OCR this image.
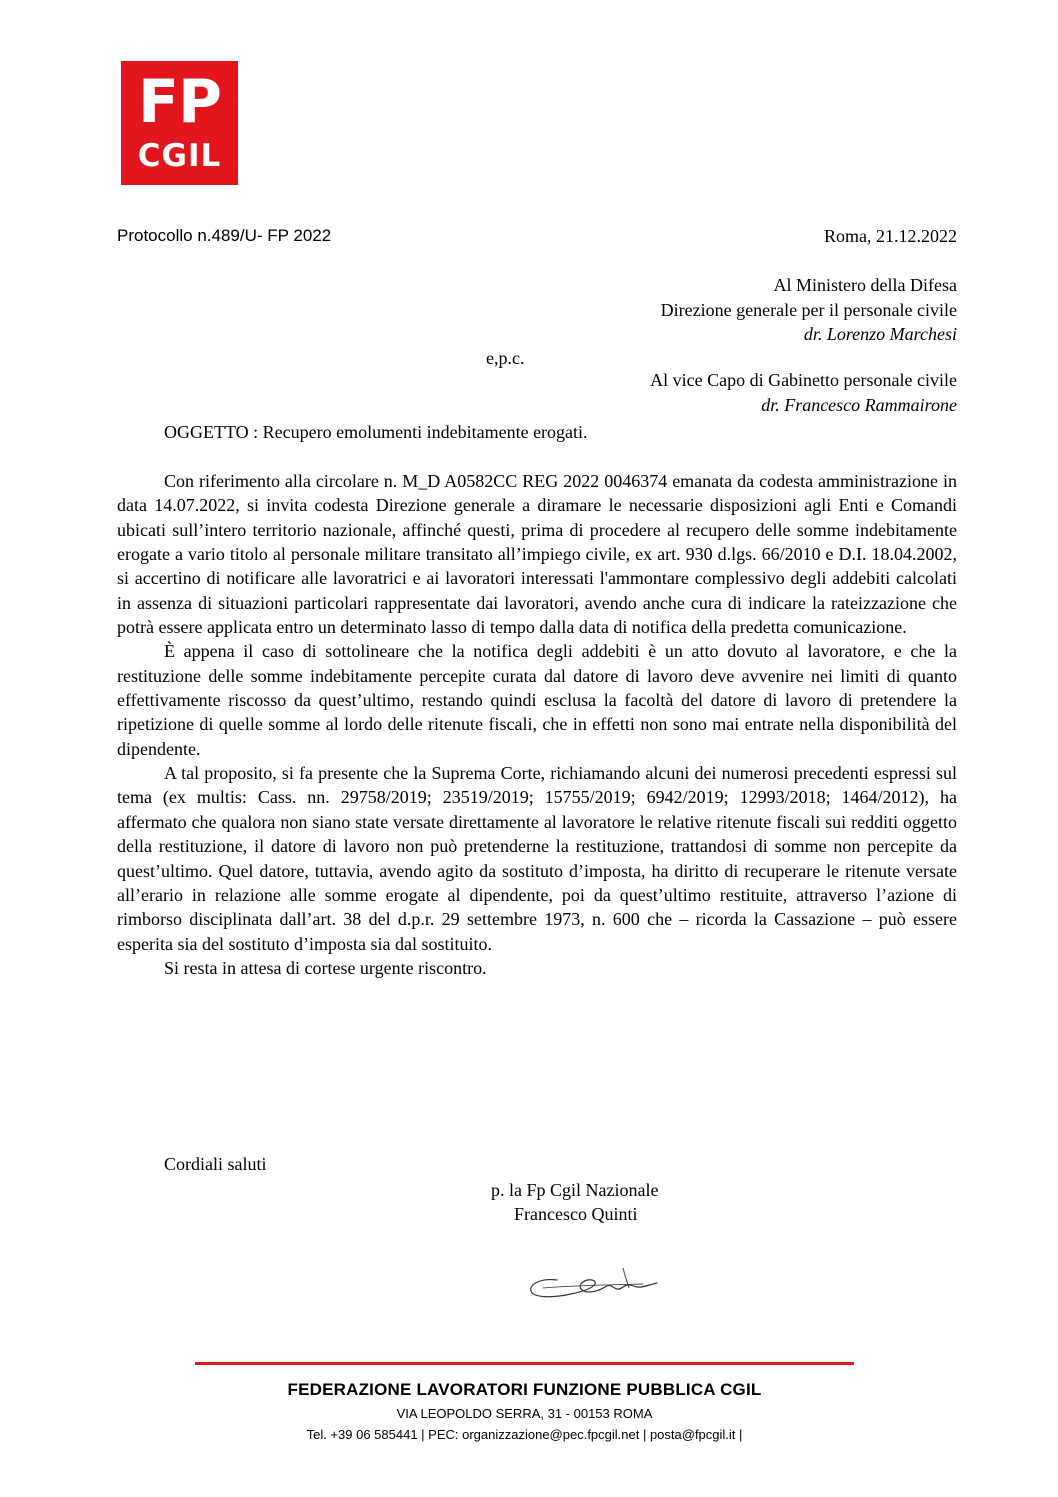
FP
CGIL
Protocollo n.489/U- FP 2022	Roma, 21.12.2022
Al Ministero della Difesa
Direzione generale per il personale civile
dr. Lorenzo Marchesi
e,p.c.
Al vice Capo di Gabinetto personale civile
dr. Francesco Rammairone
OGGETTO : Recupero emolumenti indebitamente erogati.

Con riferimento alla circolare n. M_D A0582CC REG 2022 0046374 emanata da codesta amministrazione in data 14.07.2022, si invita codesta Direzione generale a diramare le necessarie disposizioni agli Enti e Comandi ubicati sull’intero territorio nazionale, affinché questi, prima di procedere al recupero delle somme indebitamente erogate a vario titolo al personale militare transitato all’impiego civile, ex art. 930 d.lgs. 66/2010 e D.I. 18.04.2002, si accertino di notificare alle lavoratrici e ai lavoratori interessati l'ammontare complessivo degli addebiti calcolati in assenza di situazioni particolari rappresentate dai lavoratori, avendo anche cura di indicare la rateizzazione che potrà essere applicata entro un determinato lasso di tempo dalla data di notifica della predetta comunicazione.

È appena il caso di sottolineare che la notifica degli addebiti è un atto dovuto al lavoratore, e che la restituzione delle somme indebitamente percepite curata dal datore di lavoro deve avvenire nei limiti di quanto effettivamente riscosso da quest’ultimo, restando quindi esclusa la facoltà del datore di lavoro di pretendere la ripetizione di quelle somme al lordo delle ritenute fiscali, che in effetti non sono mai entrate nella disponibilità del dipendente.

A tal proposito, si fa presente che la Suprema Corte, richiamando alcuni dei numerosi precedenti espressi sul tema (ex multis: Cass. nn. 29758/2019; 23519/2019; 15755/2019; 6942/2019; 12993/2018; 1464/2012), ha affermato che qualora non siano state versate direttamente al lavoratore le relative ritenute fiscali sui redditi oggetto della restituzione, il datore di lavoro non può pretenderne la restituzione, trattandosi di somme non percepite da quest’ultimo. Quel datore, tuttavia, avendo agito da sostituto d’imposta, ha diritto di recuperare le ritenute versate all’erario in relazione alle somme erogate al dipendente, poi da quest’ultimo restituite, attraverso l’azione di rimborso disciplinata dall’art. 38 del d.p.r. 29 settembre 1973, n. 600 che – ricorda la Cassazione – può essere esperita sia del sostituto d’imposta sia dal sostituito.

Si resta in attesa di cortese urgente riscontro.

Cordiali saluti
p. la Fp Cgil Nazionale
Francesco Quinti
FEDERAZIONE LAVORATORI FUNZIONE PUBBLICA CGIL
VIA LEOPOLDO SERRA, 31 - 00153 ROMA
Tel. +39 06 585441 | PEC: organizzazione@pec.fpcgil.net | posta@fpcgil.it |
